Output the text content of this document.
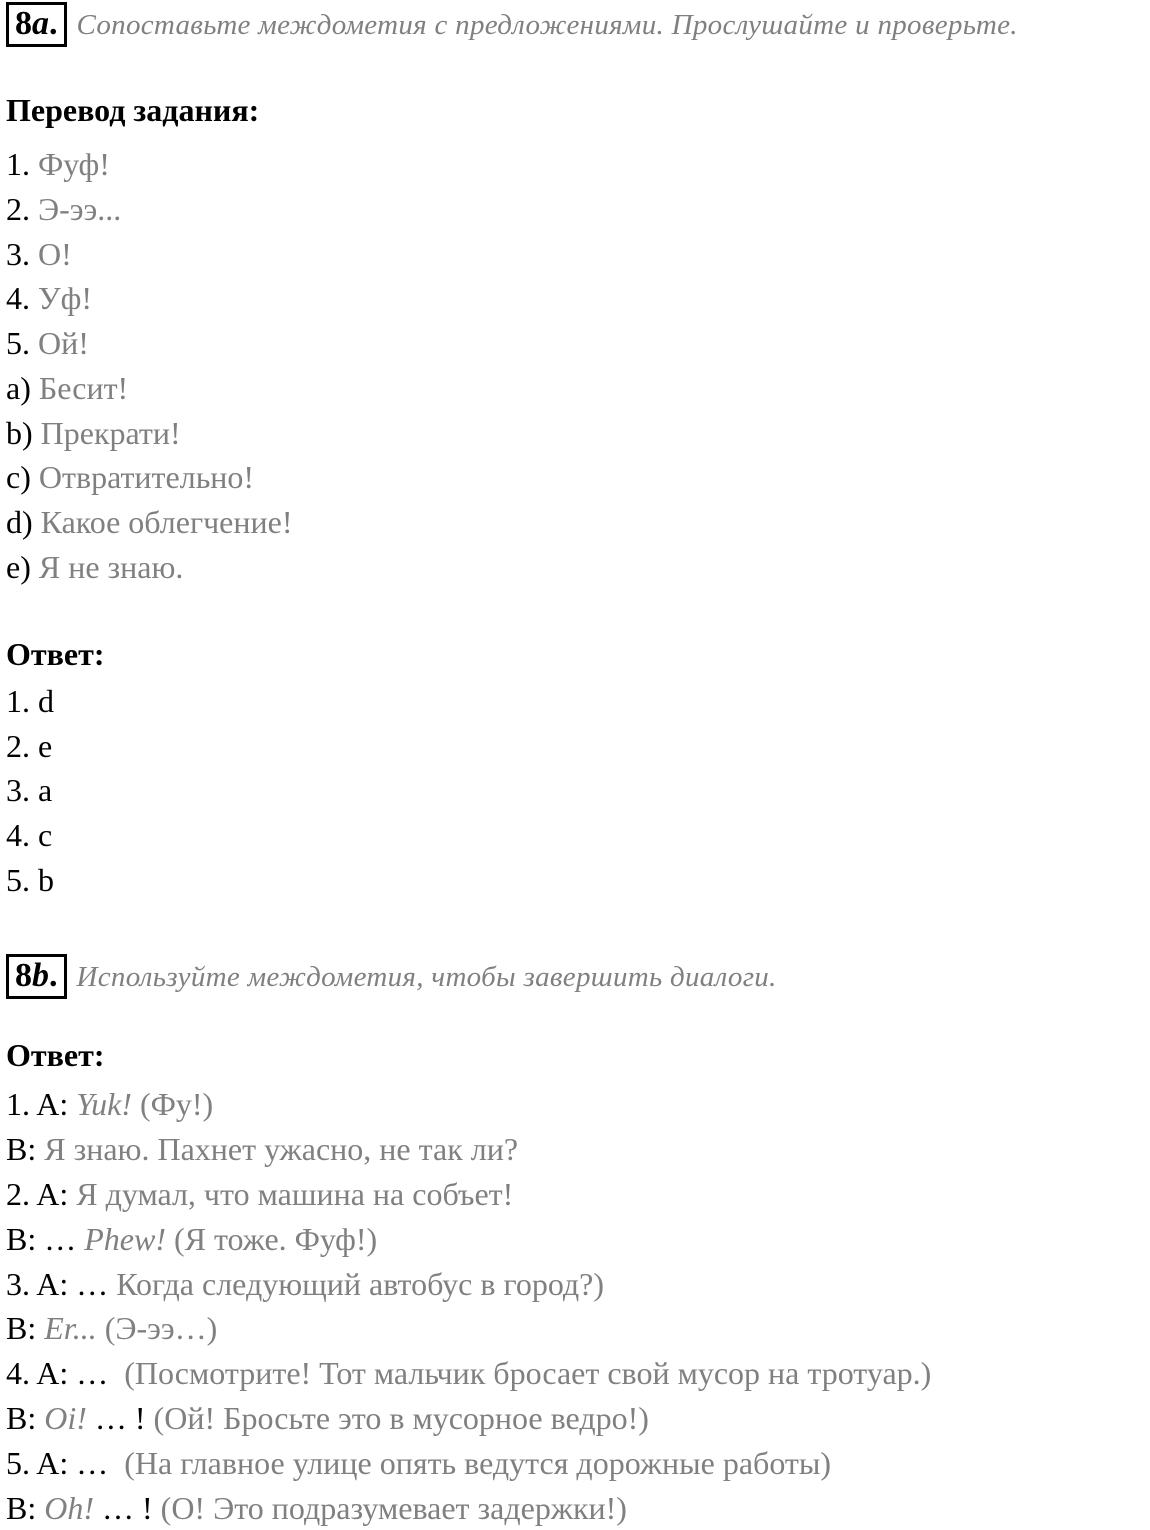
8a. Сопоставьте междометия с предложениями. Прослушайте и проверьте.
Перевод задания:
1. Фуф!
2. Э-ээ...
3. О!
4. Уф!
5. Ой!
a) Бесит!
b) Прекрати!
c) Отвратительно!
d) Какое облегчение!
e) Я не знаю.
Ответ:
1. d
2. e
3. a
4. c
5. b
8b. Используйте междометия, чтобы завершить диалоги.
Ответ:
1. A: Yuk! (Фу!)
B: Я знаю. Пахнет ужасно, не так ли?
2. A: Я думал, что машина на собъет!
B: … Phew! (Я тоже. Фуф!)
3. A: … Когда следующий автобус в город?)
B: Er... (Э-ээ…)
4. A: …  (Посмотрите! Тот мальчик бросает свой мусор на тротуар.)
B: Oi! … ! (Ой! Бросьте это в мусорное ведро!)
5. A: …  (На главное улице опять ведутся дорожные работы)
B: Oh! … ! (О! Это подразумевает задержки!)
